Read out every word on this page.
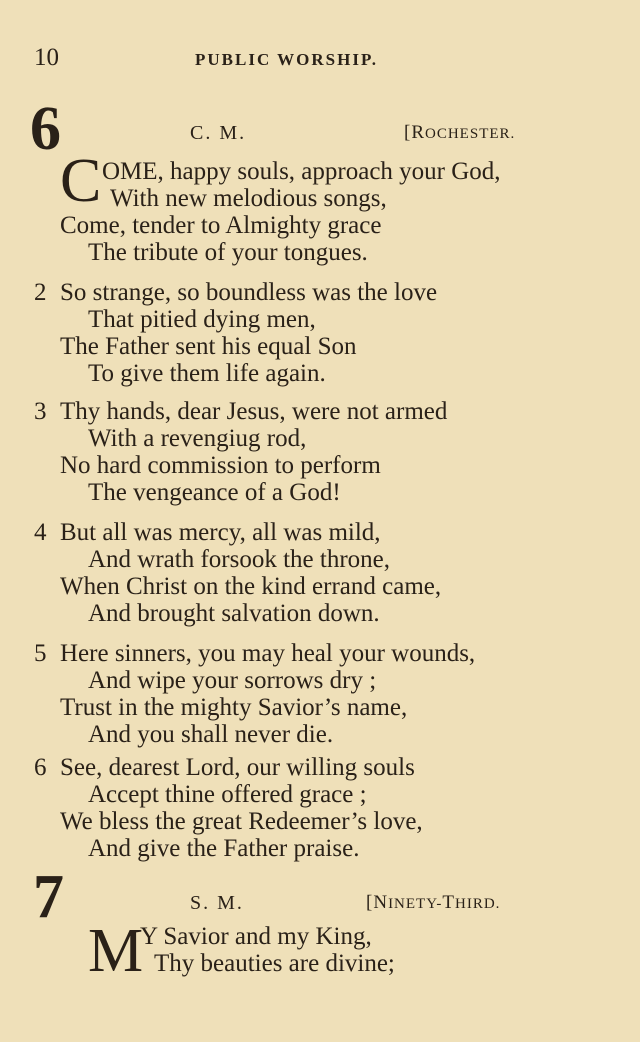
10	PUBLIC WORSHIP.
6	C. M.	[ROCHESTER.
C OME, happy souls, approach your God,
With new melodious songs,
Come, tender to Almighty grace
The tribute of your tongues.
2 So strange, so boundless was the love
That pitied dying men,
The Father sent his equal Son
To give them life again.
3 Thy hands, dear Jesus, were not armed
With a revengiug rod,
No hard commission to perform
The vengeance of a God!
4 But all was mercy, all was mild,
And wrath forsook the throne,
When Christ on the kind errand came,
And brought salvation down.
5 Here sinners, you may heal your wounds,
And wipe your sorrows dry ;
Trust in the mighty Savior’s name,
And you shall never die.
6 See, dearest Lord, our willing souls
Accept thine offered grace ;
We bless the great Redeemer’s love,
And give the Father praise.
7	S. M.	[NINETY-THIRD.
M
Y Savior and my King,
Thy beauties are divine;
